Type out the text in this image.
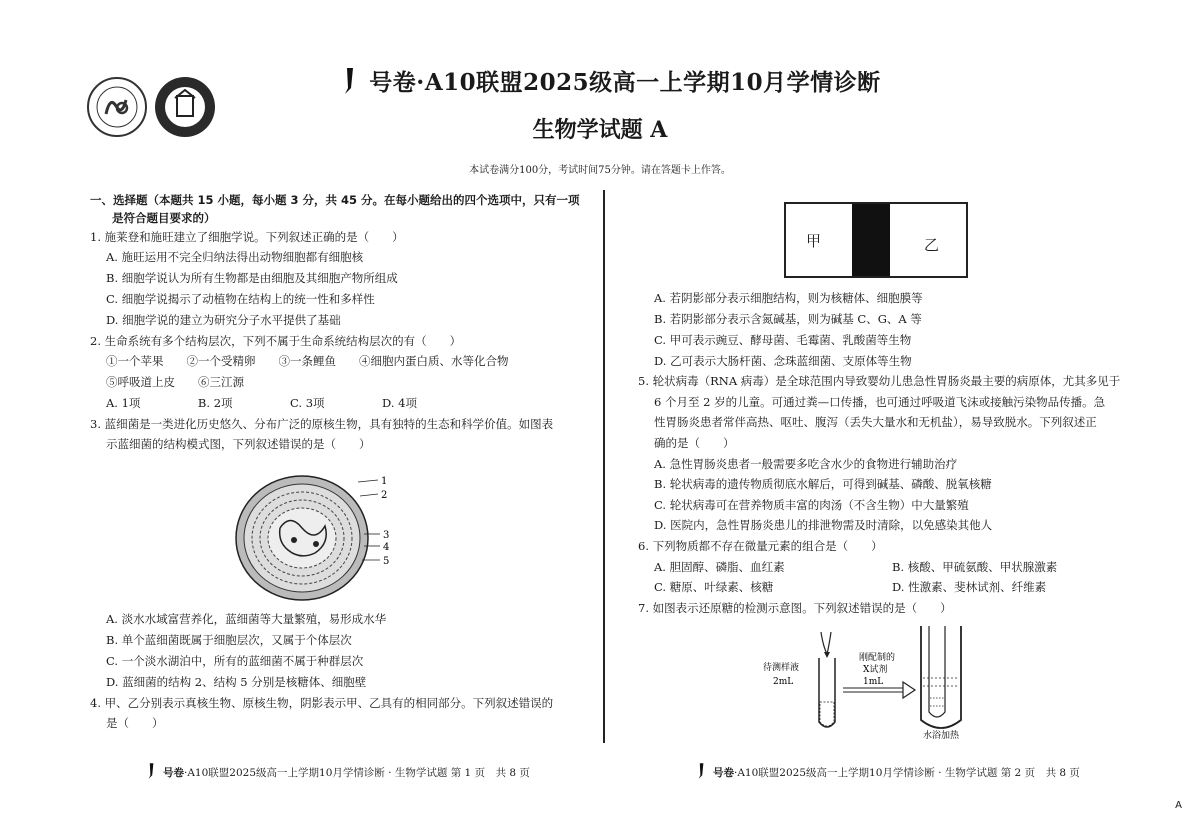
号卷·A10联盟2025级高一上学期10月学情诊断
生物学试题 A
本试卷满分100分，考试时间75分钟。请在答题卡上作答。
一、选择题（本题共 15 小题，每小题 3 分，共 45 分。在每小题给出的四个选项中，只有一项
是符合题目要求的）
1. 施莱登和施旺建立了细胞学说。下列叙述正确的是（　　）
A. 施旺运用不完全归纳法得出动物细胞都有细胞核
B. 细胞学说认为所有生物都是由细胞及其细胞产物所组成
C. 细胞学说揭示了动植物在结构上的统一性和多样性
D. 细胞学说的建立为研究分子水平提供了基础
2. 生命系统有多个结构层次，下列不属于生命系统结构层次的有（　　）
①一个苹果　　②一个受精卵　　③一条鲤鱼　　④细胞内蛋白质、水等化合物
⑤呼吸道上皮　　⑥三江源
A. 1项　　　　　B. 2项　　　　　C. 3项　　　　　D. 4项
3. 蓝细菌是一类进化历史悠久、分布广泛的原核生物，具有独特的生态和科学价值。如图表
示蓝细菌的结构模式图，下列叙述错误的是（　　）
1
2
3
4
5
A. 淡水水域富营养化，蓝细菌等大量繁殖，易形成水华
B. 单个蓝细菌既属于细胞层次，又属于个体层次
C. 一个淡水湖泊中，所有的蓝细菌不属于种群层次
D. 蓝细菌的结构 2、结构 5 分别是核糖体、细胞壁
4. 甲、乙分别表示真核生物、原核生物，阴影表示甲、乙具有的相同部分。下列叙述错误的
是（　　）
号卷·A10联盟2025级高一上学期10月学情诊断 · 生物学试题 第 1 页　共 8 页
甲	乙
A. 若阴影部分表示细胞结构，则为核糖体、细胞膜等
B. 若阴影部分表示含氮碱基，则为碱基 C、G、A 等
C. 甲可表示豌豆、酵母菌、毛霉菌、乳酸菌等生物
D. 乙可表示大肠杆菌、念珠蓝细菌、支原体等生物
5. 轮状病毒（RNA 病毒）是全球范围内导致婴幼儿患急性胃肠炎最主要的病原体，尤其多见于
6 个月至 2 岁的儿童。可通过粪—口传播，也可通过呼吸道飞沫或接触污染物品传播。急
性胃肠炎患者常伴高热、呕吐、腹泻（丢失大量水和无机盐），易导致脱水。下列叙述正
确的是（　　）
A. 急性胃肠炎患者一般需要多吃含水少的食物进行辅助治疗
B. 轮状病毒的遗传物质彻底水解后，可得到碱基、磷酸、脱氧核糖
C. 轮状病毒可在营养物质丰富的肉汤（不含生物）中大量繁殖
D. 医院内，急性胃肠炎患儿的排泄物需及时清除，以免感染其他人
6. 下列物质都不存在微量元素的组合是（　　）
A. 胆固醇、磷脂、血红素	B. 核酸、甲硫氨酸、甲状腺激素
C. 糖原、叶绿素、核糖	D. 性激素、斐林试剂、纤维素
7. 如图表示还原糖的检测示意图。下列叙述错误的是（　　）
待测样液
2mL
刚配制的
X试剂
1mL
水浴加热
号卷·A10联盟2025级高一上学期10月学情诊断 · 生物学试题 第 2 页　共 8 页
A
